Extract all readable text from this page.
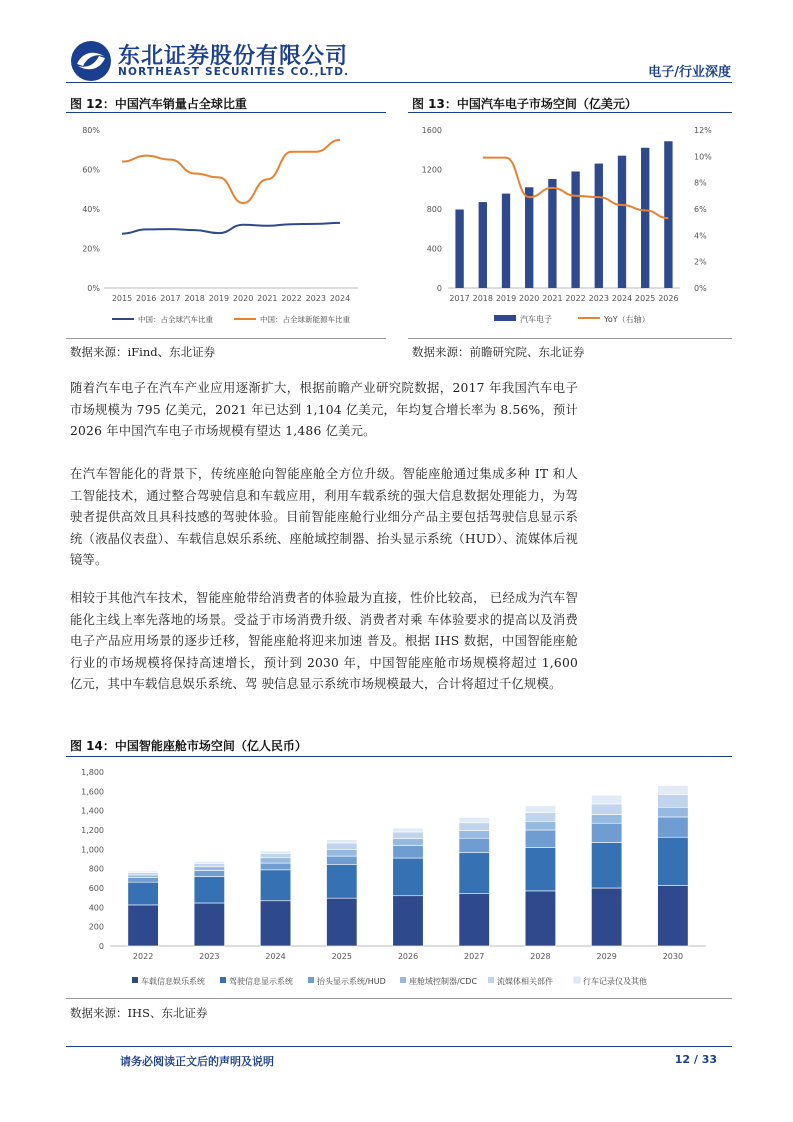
东北证券股份有限公司
NORTHEAST SECURITIES CO.,LTD.	电子/行业深度
图 12：中国汽车销量占全球比重
0%
20%
40%
60%
80%
2015 2016 2017 2018 2019 2020 2021 2022 2023 2024
中国：占全球汽车比重	中国：占全球新能源车比重
数据来源：iFind、东北证券
图 13：中国汽车电子市场空间（亿美元）
0
400
800
1200
1600
0%
2%
4%
6%
8%
10%
12%
2017 2018 2019 2020 2021 2022 2023 2024 2025 2026
汽车电子	YoY（右轴）
数据来源：前瞻研究院、东北证券
随着汽车电子在汽车产业应用逐渐扩大，根据前瞻产业研究院数据，2017 年我国汽车电子市场规模为 795 亿美元，2021 年已达到 1,104 亿美元，年均复合增长率为 8.56%，预计 2026 年中国汽车电子市场规模有望达 1,486 亿美元。
在汽车智能化的背景下，传统座舱向智能座舱全方位升级。智能座舱通过集成多种 IT 和人工智能技术，通过整合驾驶信息和车载应用，利用车载系统的强大信息数据处理能力，为驾驶者提供高效且具科技感的驾驶体验。目前智能座舱行业细分产品主要包括驾驶信息显示系统（液晶仪表盘）、车载信息娱乐系统、座舱域控制器、抬头显示系统（HUD）、流媒体后视镜等。
相较于其他汽车技术，智能座舱带给消费者的体验最为直接，性价比较高， 已经成为汽车智能化主线上率先落地的场景。受益于市场消费升级、消费者对乘 车体验要求的提高以及消费电子产品应用场景的逐步迁移，智能座舱将迎来加速 普及。根据 IHS 数据，中国智能座舱行业的市场规模将保持高速增长，预计到 2030 年，中国智能座舱市场规模将超过 1,600 亿元，其中车载信息娱乐系统、驾 驶信息显示系统市场规模最大，合计将超过千亿规模。
图 14：中国智能座舱市场空间（亿人民币）
0
200
400
600
800
1,000
1,200
1,400
1,600
1,800
2022	2023	2024	2025	2026	2027	2028	2029	2030
车载信息娱乐系统	驾驶信息显示系统	抬头显示系统/HUD	座舱域控制器/CDC 流媒体相关部件	行车记录仪及其他
数据来源：IHS、东北证券
请务必阅读正文后的声明及说明	12 / 33
